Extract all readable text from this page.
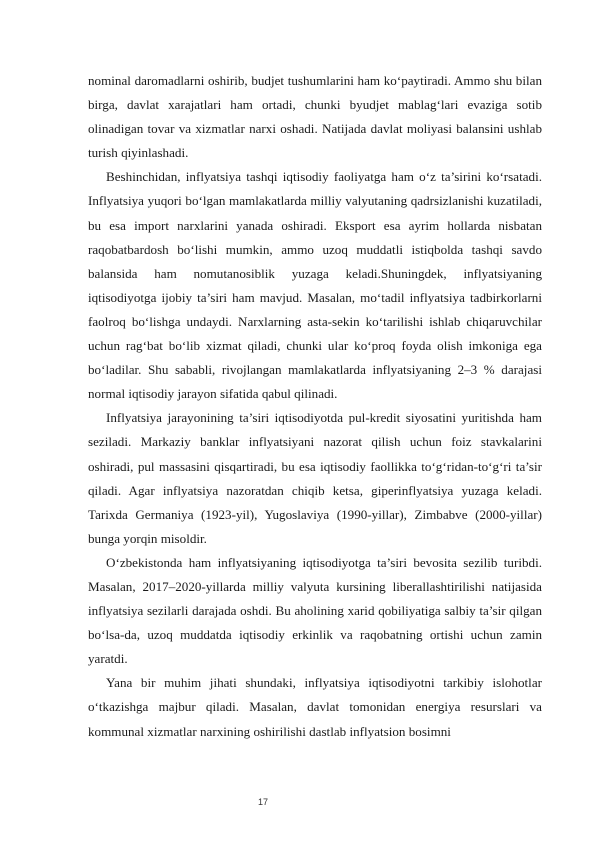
nominal daromadlarni oshirib, budjet tushumlarini ham ko‘paytiradi. Ammo shu bilan birga, davlat xarajatlari ham ortadi, chunki byudjet mablag‘lari evaziga sotib olinadigan tovar va xizmatlar narxi oshadi. Natijada davlat moliyasi balansini ushlab turish qiyinlashadi.

Beshinchidan, inflyatsiya tashqi iqtisodiy faoliyatga ham o‘z ta’sirini ko‘rsatadi. Inflyatsiya yuqori bo‘lgan mamlakatlarda milliy valyutaning qadrsizlanishi kuzatiladi, bu esa import narxlarini yanada oshiradi. Eksport esa ayrim hollarda nisbatan raqobatbardosh bo‘lishi mumkin, ammo uzoq muddatli istiqbolda tashqi savdo balansida ham nomutanosiblik yuzaga keladi.Shuningdek, inflyatsiyaning iqtisodiyotga ijobiy ta’siri ham mavjud. Masalan, mo‘tadil inflyatsiya tadbirkorlarni faolroq bo‘lishga undaydi. Narxlarning asta-sekin ko‘tarilishi ishlab chiqaruvchilar uchun rag‘bat bo‘lib xizmat qiladi, chunki ular ko‘proq foyda olish imkoniga ega bo‘ladilar. Shu sababli, rivojlangan mamlakatlarda inflyatsiyaning 2–3 % darajasi normal iqtisodiy jarayon sifatida qabul qilinadi.

Inflyatsiya jarayonining ta’siri iqtisodiyotda pul-kredit siyosatini yuritishda ham seziladi. Markaziy banklar inflyatsiyani nazorat qilish uchun foiz stavkalarini oshiradi, pul massasini qisqartiradi, bu esa iqtisodiy faollikka to‘g‘ridan-to‘g‘ri ta’sir qiladi. Agar inflyatsiya nazoratdan chiqib ketsa, giperinflyatsiya yuzaga keladi. Tarixda Germaniya (1923-yil), Yugoslaviya (1990-yillar), Zimbabve (2000-yillar) bunga yorqin misoldir.

O‘zbekistonda ham inflyatsiyaning iqtisodiyotga ta’siri bevosita sezilib turibdi. Masalan, 2017–2020-yillarda milliy valyuta kursining liberallashtirilishi natijasida inflyatsiya sezilarli darajada oshdi. Bu aholining xarid qobiliyatiga salbiy ta’sir qilgan bo‘lsa-da, uzoq muddatda iqtisodiy erkinlik va raqobatning ortishi uchun zamin yaratdi.

Yana bir muhim jihati shundaki, inflyatsiya iqtisodiyotni tarkibiy islohotlar o‘tkazishga majbur qiladi. Masalan, davlat tomonidan energiya resurslari va kommunal xizmatlar narxining oshirilishi dastlab inflyatsion bosimni

17
